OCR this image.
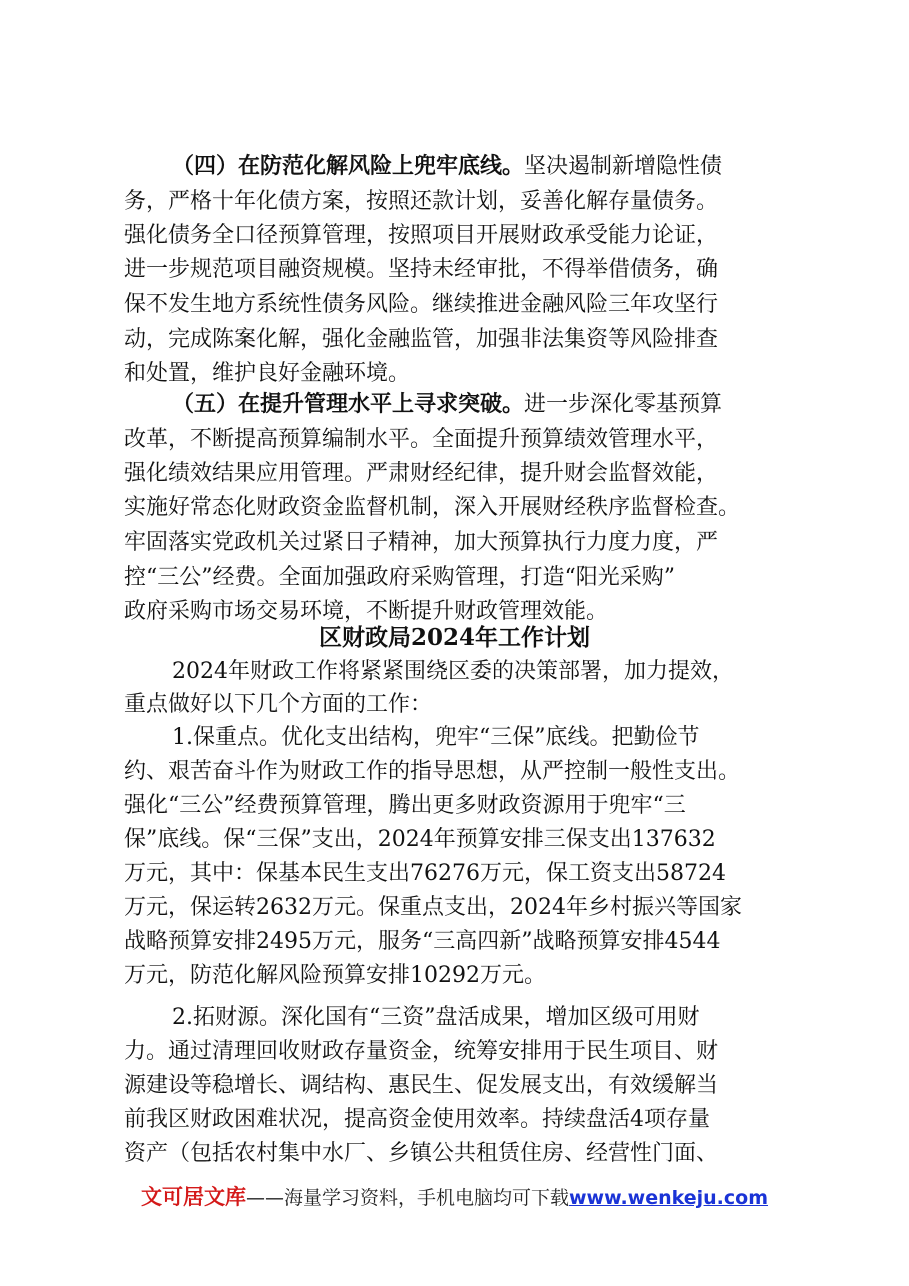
（四）在防范化解风险上兜牢底线。坚决遏制新增隐性债
务，严格十年化债方案，按照还款计划，妥善化解存量债务。
强化债务全口径预算管理，按照项目开展财政承受能力论证，
进一步规范项目融资规模。坚持未经审批，不得举借债务，确
保不发生地方系统性债务风险。继续推进金融风险三年攻坚行
动，完成陈案化解，强化金融监管，加强非法集资等风险排查
和处置，维护良好金融环境。
（五）在提升管理水平上寻求突破。进一步深化零基预算
改革，不断提高预算编制水平。全面提升预算绩效管理水平，
强化绩效结果应用管理。严肃财经纪律，提升财会监督效能，
实施好常态化财政资金监督机制，深入开展财经秩序监督检查。
牢固落实党政机关过紧日子精神，加大预算执行力度力度，严
控“三公”经费。全面加强政府采购管理，打造“阳光采购”
政府采购市场交易环境，不断提升财政管理效能。
区财政局2024年工作计划
2024年财政工作将紧紧围绕区委的决策部署，加力提效，
重点做好以下几个方面的工作：
1.保重点。优化支出结构，兜牢“三保”底线。把勤俭节
约、艰苦奋斗作为财政工作的指导思想，从严控制一般性支出。
强化“三公”经费预算管理，腾出更多财政资源用于兜牢“三
保”底线。保“三保”支出，2024年预算安排三保支出137632
万元，其中：保基本民生支出76276万元，保工资支出58724
万元，保运转2632万元。保重点支出，2024年乡村振兴等国家
战略预算安排2495万元，服务“三高四新”战略预算安排4544
万元，防范化解风险预算安排10292万元。
2.拓财源。深化国有“三资”盘活成果，增加区级可用财
力。通过清理回收财政存量资金，统筹安排用于民生项目、财
源建设等稳增长、调结构、惠民生、促发展支出，有效缓解当
前我区财政困难状况，提高资金使用效率。持续盘活4项存量
资产（包括农村集中水厂、乡镇公共租赁住房、经营性门面、
文可居文库——海量学习资料，手机电脑均可下载www.wenkeju.com
